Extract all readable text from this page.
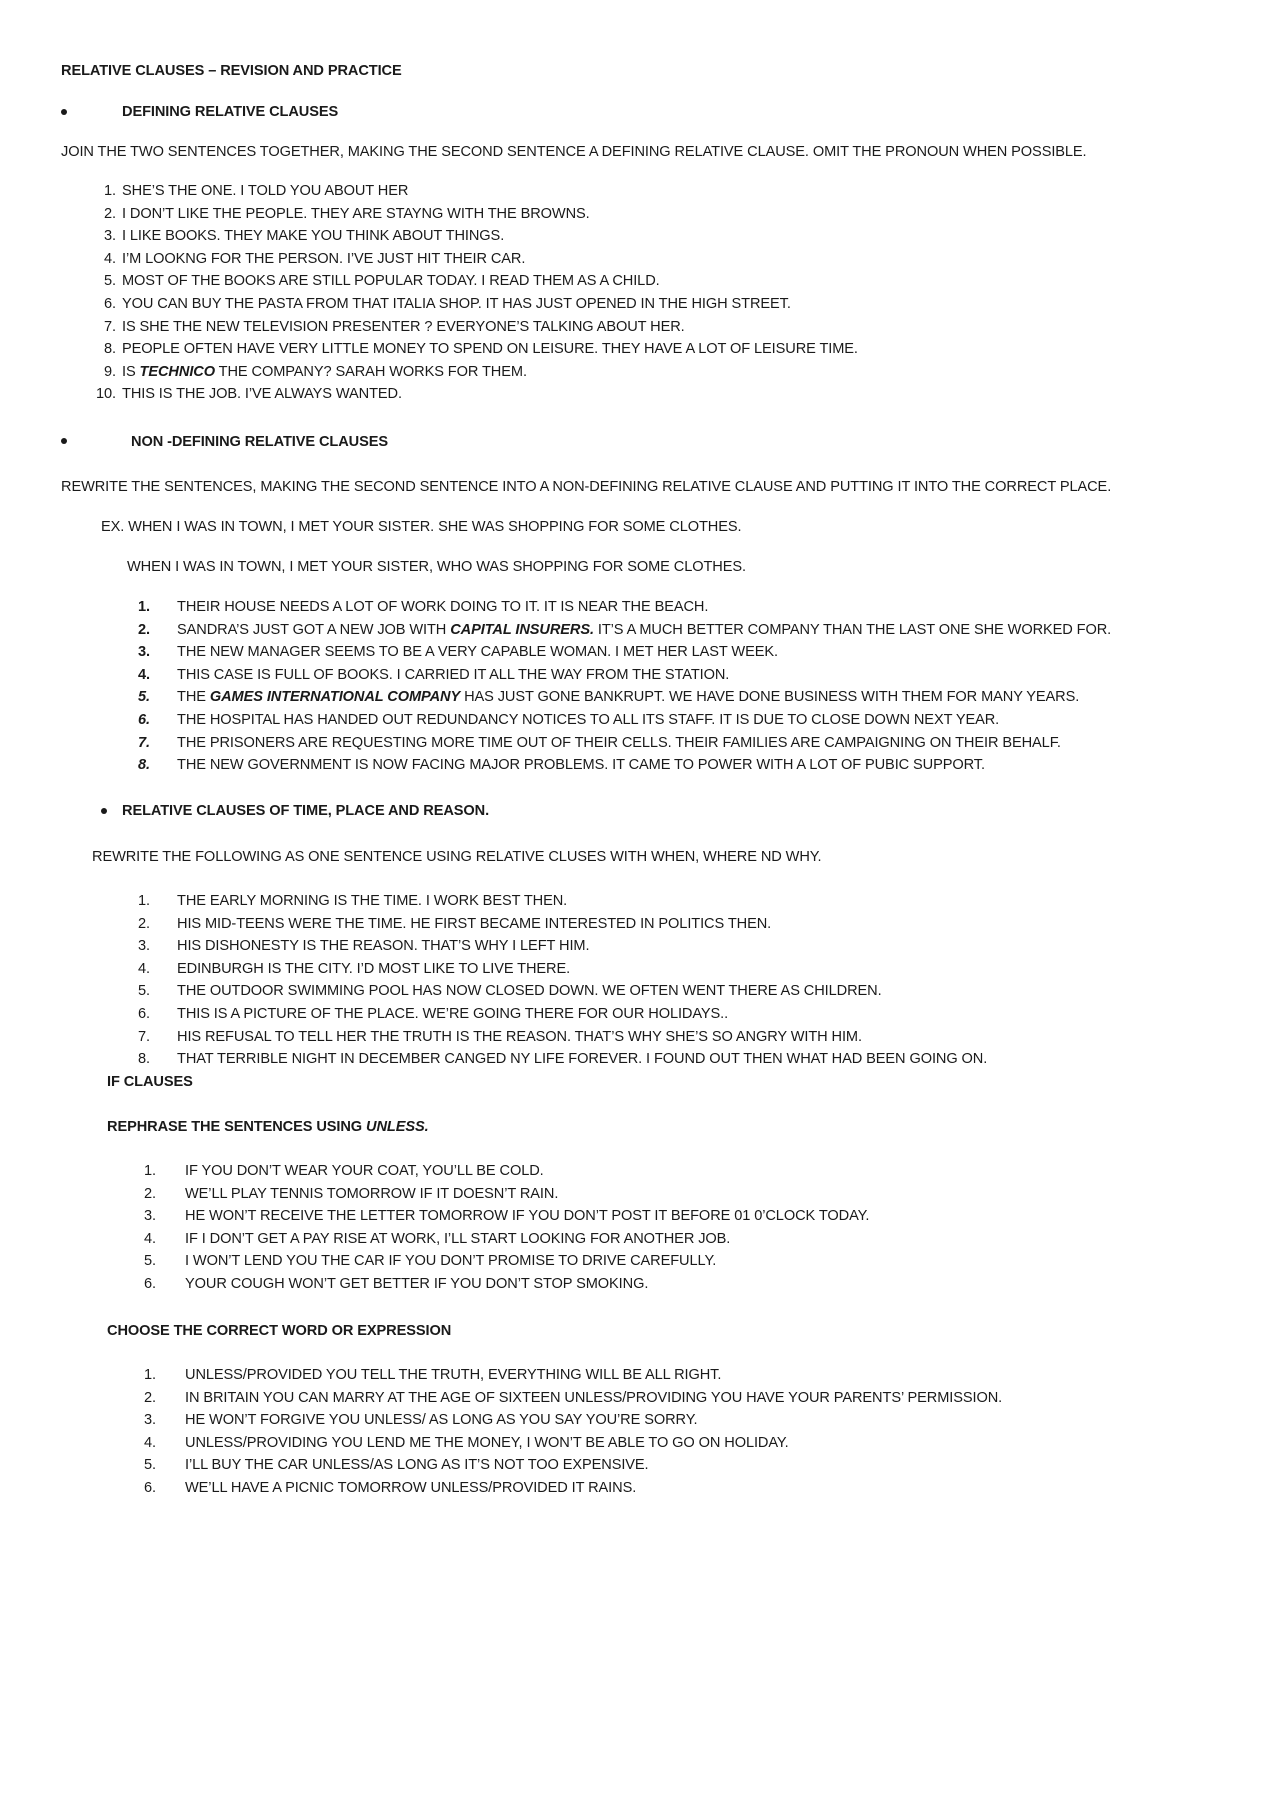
RELATIVE CLAUSES – REVISION AND PRACTICE
DEFINING RELATIVE CLAUSES
JOIN THE TWO SENTENCES TOGETHER, MAKING THE SECOND SENTENCE A DEFINING RELATIVE CLAUSE. OMIT THE PRONOUN WHEN POSSIBLE.
1. SHE’S THE ONE. I TOLD YOU ABOUT HER
2. I DON’T LIKE THE PEOPLE. THEY ARE STAYNG WITH THE BROWNS.
3. I LIKE BOOKS. THEY MAKE YOU THINK ABOUT THINGS.
4. I’M LOOKNG FOR THE PERSON. I’VE JUST HIT THEIR CAR.
5. MOST OF THE BOOKS ARE STILL POPULAR TODAY. I READ THEM AS A CHILD.
6. YOU CAN BUY THE PASTA FROM THAT ITALIA SHOP. IT HAS JUST OPENED IN THE HIGH STREET.
7. IS SHE THE NEW TELEVISION PRESENTER ? EVERYONE’S TALKING ABOUT HER.
8. PEOPLE OFTEN HAVE VERY LITTLE MONEY TO SPEND ON LEISURE. THEY HAVE A LOT OF LEISURE TIME.
9. IS TECHNICO THE COMPANY? SARAH WORKS FOR THEM.
10. THIS IS THE JOB. I’VE ALWAYS WANTED.
NON -DEFINING RELATIVE CLAUSES
REWRITE THE SENTENCES, MAKING THE SECOND SENTENCE INTO A NON-DEFINING RELATIVE CLAUSE AND PUTTING IT INTO THE CORRECT PLACE.
EX. WHEN I WAS IN TOWN, I MET YOUR SISTER. SHE WAS SHOPPING FOR SOME CLOTHES.
WHEN I WAS IN TOWN, I MET YOUR SISTER, WHO WAS SHOPPING FOR SOME CLOTHES.
1. THEIR HOUSE NEEDS A LOT OF WORK DOING TO IT. IT IS NEAR THE BEACH.
2. SANDRA’S JUST GOT A NEW JOB WITH CAPITAL INSURERS. IT’S A MUCH BETTER COMPANY THAN THE LAST ONE SHE WORKED FOR.
3. THE NEW MANAGER SEEMS TO BE A VERY CAPABLE WOMAN. I MET HER LAST WEEK.
4. THIS CASE IS FULL OF BOOKS. I CARRIED IT ALL THE WAY FROM THE STATION.
5. THE GAMES INTERNATIONAL COMPANY HAS JUST GONE BANKRUPT. WE HAVE DONE BUSINESS WITH THEM FOR MANY YEARS.
6. THE HOSPITAL HAS HANDED OUT REDUNDANCY NOTICES TO ALL ITS STAFF. IT IS DUE TO CLOSE DOWN NEXT YEAR.
7. THE PRISONERS ARE REQUESTING MORE TIME OUT OF THEIR CELLS. THEIR FAMILIES ARE CAMPAIGNING ON THEIR BEHALF.
8. THE NEW GOVERNMENT IS NOW FACING MAJOR PROBLEMS. IT CAME TO POWER WITH A LOT OF PUBIC SUPPORT.
RELATIVE CLAUSES OF TIME, PLACE AND REASON.
REWRITE THE FOLLOWING AS ONE SENTENCE USING RELATIVE CLUSES WITH WHEN, WHERE ND WHY.
1. THE EARLY MORNING IS THE TIME. I WORK BEST THEN.
2. HIS MID-TEENS WERE THE TIME. HE FIRST BECAME INTERESTED IN POLITICS THEN.
3. HIS DISHONESTY IS THE REASON. THAT’S WHY I LEFT HIM.
4. EDINBURGH IS THE CITY. I’D MOST LIKE TO LIVE THERE.
5. THE OUTDOOR SWIMMING POOL HAS NOW CLOSED DOWN. WE OFTEN WENT THERE AS CHILDREN.
6. THIS IS A PICTURE OF THE PLACE. WE’RE GOING THERE FOR OUR HOLIDAYS..
7. HIS REFUSAL TO TELL HER THE TRUTH IS THE REASON. THAT’S WHY SHE’S SO ANGRY WITH HIM.
8. THAT TERRIBLE NIGHT IN DECEMBER CANGED NY LIFE FOREVER. I FOUND OUT THEN WHAT HAD BEEN GOING ON.
IF CLAUSES
REPHRASE THE SENTENCES USING UNLESS.
1. IF YOU DON’T WEAR YOUR COAT, YOU’LL BE COLD.
2. WE’LL PLAY TENNIS TOMORROW IF IT DOESN’T RAIN.
3. HE WON’T RECEIVE THE LETTER TOMORROW IF YOU DON’T POST IT BEFORE 01 0’CLOCK TODAY.
4. IF I DON’T GET A PAY RISE AT WORK, I’LL START LOOKING FOR ANOTHER JOB.
5. I WON’T LEND YOU THE CAR IF YOU DON’T PROMISE TO DRIVE CAREFULLY.
6. YOUR COUGH WON’T GET BETTER IF YOU DON’T STOP SMOKING.
CHOOSE THE CORRECT WORD OR EXPRESSION
1. UNLESS/PROVIDED YOU TELL THE TRUTH, EVERYTHING WILL BE ALL RIGHT.
2. IN BRITAIN YOU CAN MARRY AT THE AGE OF SIXTEEN UNLESS/PROVIDING YOU HAVE YOUR PARENTS’ PERMISSION.
3. HE WON’T FORGIVE YOU UNLESS/ AS LONG AS YOU SAY YOU’RE SORRY.
4. UNLESS/PROVIDING YOU LEND ME THE MONEY, I WON’T BE ABLE TO GO ON HOLIDAY.
5. I’LL BUY THE CAR UNLESS/AS LONG AS IT’S NOT TOO EXPENSIVE.
6. WE’LL HAVE A PICNIC TOMORROW UNLESS/PROVIDED IT RAINS.
